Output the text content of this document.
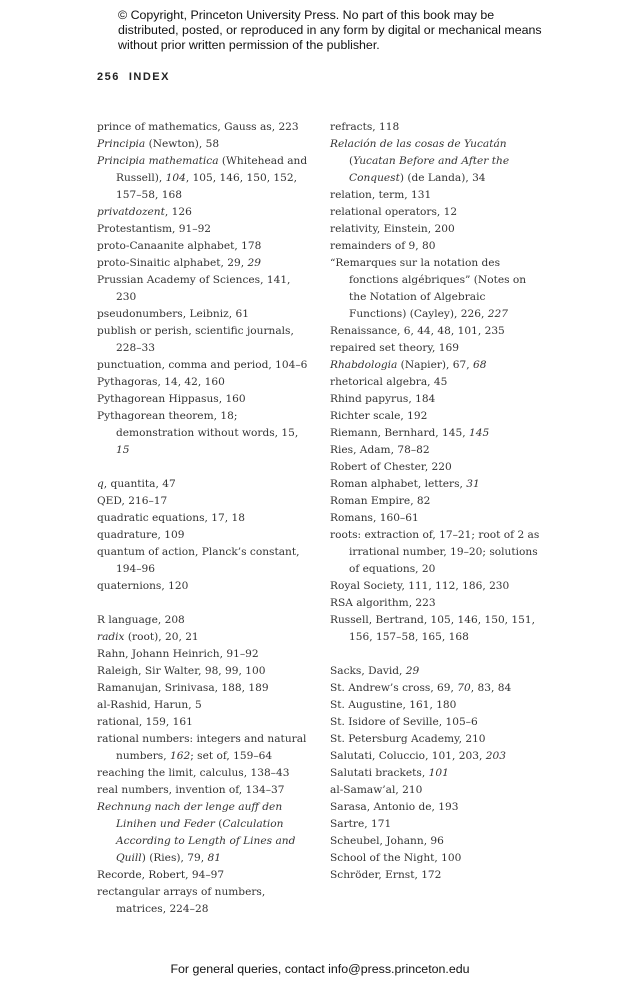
© Copyright, Princeton University Press. No part of this book may be distributed, posted, or reproduced in any form by digital or mechanical means without prior written permission of the publisher.
256 INDEX
prince of mathematics, Gauss as, 223
Principia (Newton), 58
Principia mathematica (Whitehead and Russell), 104, 105, 146, 150, 152, 157–58, 168
privatdozent, 126
Protestantism, 91–92
proto-Canaanite alphabet, 178
proto-Sinaitic alphabet, 29, 29
Prussian Academy of Sciences, 141, 230
pseudonumbers, Leibniz, 61
publish or perish, scientific journals, 228–33
punctuation, comma and period, 104–6
Pythagoras, 14, 42, 160
Pythagorean Hippasus, 160
Pythagorean theorem, 18; demonstration without words, 15, 15
q, quantita, 47
QED, 216–17
quadratic equations, 17, 18
quadrature, 109
quantum of action, Planck’s constant, 194–96
quaternions, 120
R language, 208
radix (root), 20, 21
Rahn, Johann Heinrich, 91–92
Raleigh, Sir Walter, 98, 99, 100
Ramanujan, Srinivasa, 188, 189
al-Rashid, Harun, 5
rational, 159, 161
rational numbers: integers and natural numbers, 162; set of, 159–64
reaching the limit, calculus, 138–43
real numbers, invention of, 134–37
Rechnung nach der lenge auff den Linihen und Feder (Calculation According to Length of Lines and Quill) (Ries), 79, 81
Recorde, Robert, 94–97
rectangular arrays of numbers, matrices, 224–28
refracts, 118
Relación de las cosas de Yucatán (Yucatan Before and After the Conquest) (de Landa), 34
relation, term, 131
relational operators, 12
relativity, Einstein, 200
remainders of 9, 80
“Remarques sur la notation des fonctions algébriques” (Notes on the Notation of Algebraic Functions) (Cayley), 226, 227
Renaissance, 6, 44, 48, 101, 235
repaired set theory, 169
Rhabdologia (Napier), 67, 68
rhetorical algebra, 45
Rhind papyrus, 184
Richter scale, 192
Riemann, Bernhard, 145, 145
Ries, Adam, 78–82
Robert of Chester, 220
Roman alphabet, letters, 31
Roman Empire, 82
Romans, 160–61
roots: extraction of, 17–21; root of 2 as irrational number, 19–20; solutions of equations, 20
Royal Society, 111, 112, 186, 230
RSA algorithm, 223
Russell, Bertrand, 105, 146, 150, 151, 156, 157–58, 165, 168
Sacks, David, 29
St. Andrew’s cross, 69, 70, 83, 84
St. Augustine, 161, 180
St. Isidore of Seville, 105–6
St. Petersburg Academy, 210
Salutati, Coluccio, 101, 203, 203
Salutati brackets, 101
al-Samaw’al, 210
Sarasa, Antonio de, 193
Sartre, 171
Scheubel, Johann, 96
School of the Night, 100
Schröder, Ernst, 172
For general queries, contact info@press.princeton.edu
